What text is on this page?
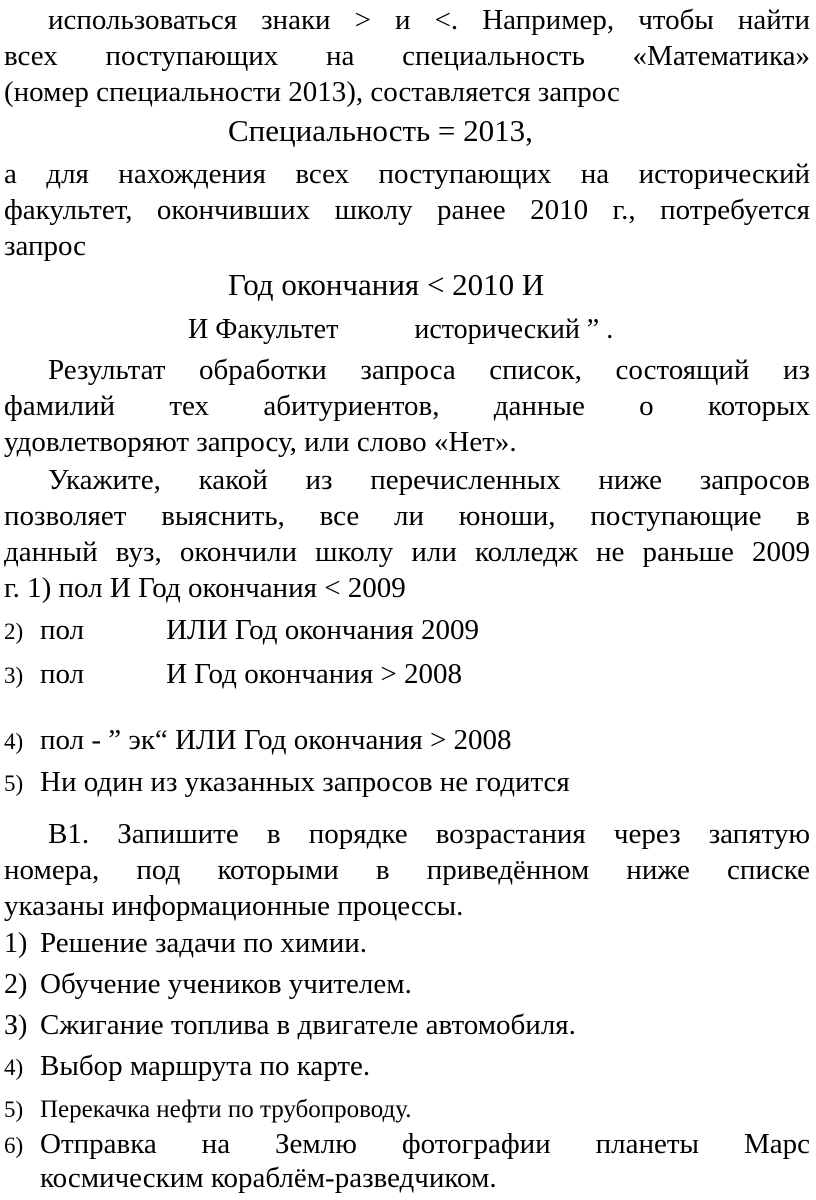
использоваться знаки > и <. Например, чтобы найти
всех поступающих на специальность «Математика»
(номер специальности 2013), составляется запрос
Специальность = 2013,
а для нахождения всех поступающих на исторический
факультет, окончивших школу ранее 2010 г., потребуется
запрос
Год окончания < 2010 И
И Факультет	исторический ” .
Результат обработки запроса список, состоящий из
фамилий тех абитуриентов, данные о которых
удовлетворяют запросу, или слово «Нет».
Укажите, какой из перечисленных ниже запросов
позволяет выяснить, все ли юноши, поступающие в
данный вуз, окончили школу или колледж не раньше 2009
г. 1) пол И Год окончания < 2009
2) пол	ИЛИ Год окончания 2009
3) пол	И Год окончания > 2008
4) пол - ” эк“ ИЛИ Год окончания > 2008
5) Ни один из указанных запросов не годится
В1. Запишите в порядке возрастания через запятую
номера, под которыми в приведённом ниже списке
указаны информационные процессы.
1) Решение задачи по химии.
2) Обучение учеников учителем.
З) Сжигание топлива в двигателе автомобиля.
4) Выбор маршрута по карте.
5) Перекачка нефти по трубопроводу.
6) Отправка на Землю фотографии планеты Марс
космическим кораблём-разведчиком.
